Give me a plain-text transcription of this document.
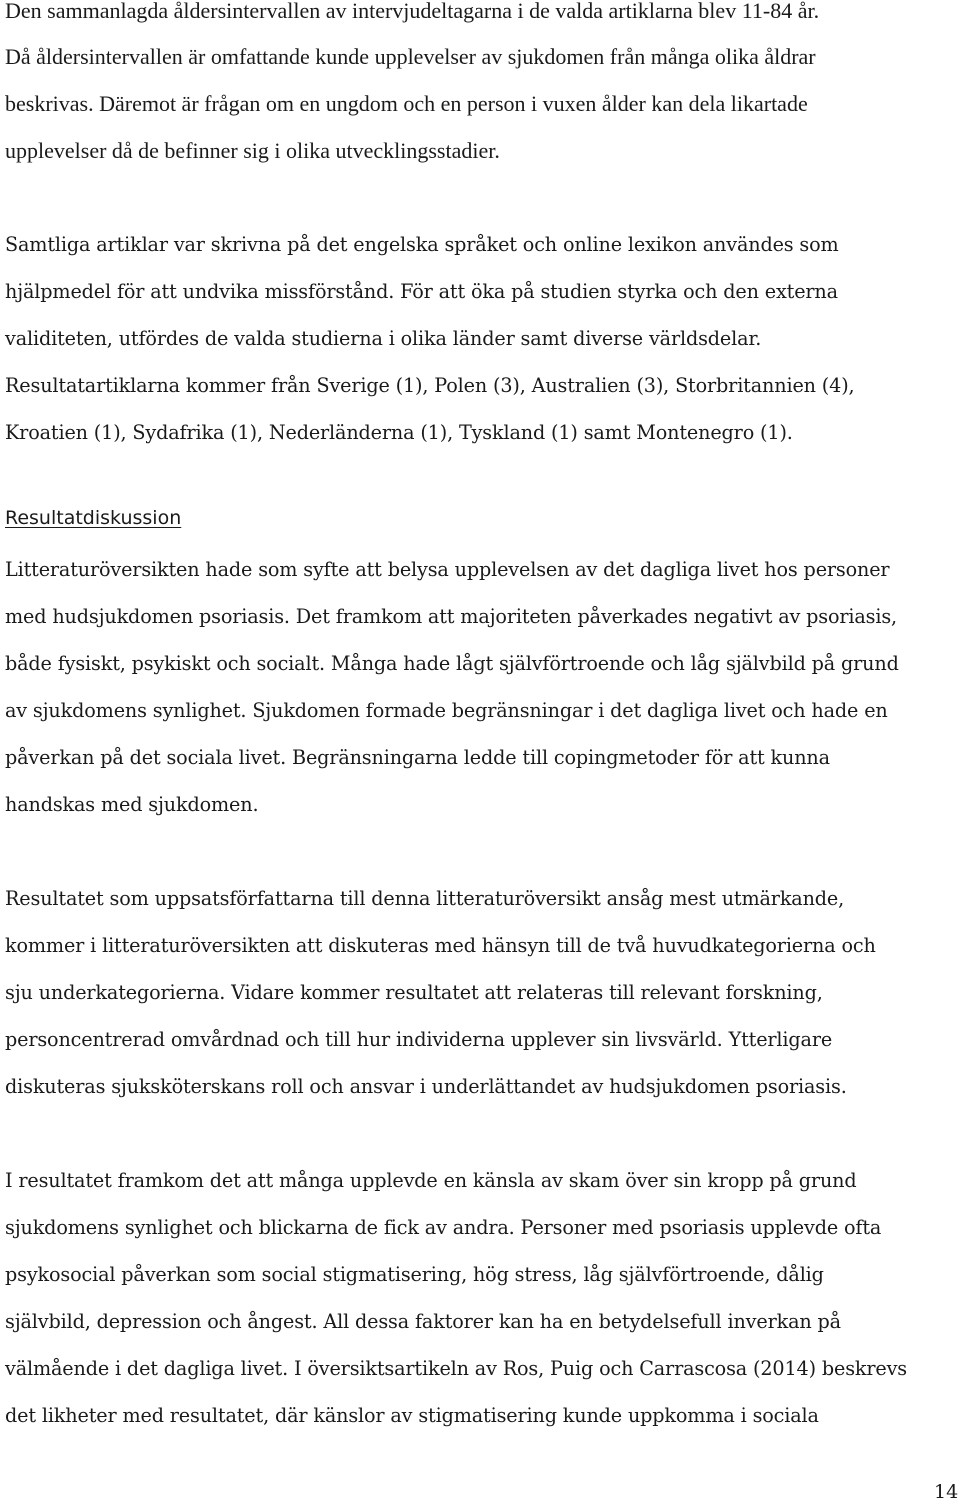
Den sammanlagda åldersintervallen av intervjudeltagarna i de valda artiklarna blev 11-84 år.
Då åldersintervallen är omfattande kunde upplevelser av sjukdomen från många olika åldrar
beskrivas. Däremot är frågan om en ungdom och en person i vuxen ålder kan dela likartade
upplevelser då de befinner sig i olika utvecklingsstadier.
Samtliga artiklar var skrivna på det engelska språket och online lexikon användes som
hjälpmedel för att undvika missförstånd. För att öka på studien styrka och den externa
validiteten, utfördes de valda studierna i olika länder samt diverse världsdelar.
Resultatartiklarna kommer från Sverige (1), Polen (3), Australien (3), Storbritannien (4),
Kroatien (1), Sydafrika (1), Nederländerna (1), Tyskland (1) samt Montenegro (1).
Resultatdiskussion
Litteraturöversikten hade som syfte att belysa upplevelsen av det dagliga livet hos personer
med hudsjukdomen psoriasis. Det framkom att majoriteten påverkades negativt av psoriasis,
både fysiskt, psykiskt och socialt. Många hade lågt självförtroende och låg självbild på grund
av sjukdomens synlighet. Sjukdomen formade begränsningar i det dagliga livet och hade en
påverkan på det sociala livet. Begränsningarna ledde till copingmetoder för att kunna
handskas med sjukdomen.
Resultatet som uppsatsförfattarna till denna litteraturöversikt ansåg mest utmärkande,
kommer i litteraturöversikten att diskuteras med hänsyn till de två huvudkategorierna och
sju underkategorierna. Vidare kommer resultatet att relateras till relevant forskning,
personcentrerad omvårdnad och till hur individerna upplever sin livsvärld. Ytterligare
diskuteras sjuksköterskans roll och ansvar i underlättandet av hudsjukdomen psoriasis.
I resultatet framkom det att många upplevde en känsla av skam över sin kropp på grund
sjukdomens synlighet och blickarna de fick av andra. Personer med psoriasis upplevde ofta
psykosocial påverkan som social stigmatisering, hög stress, låg självförtroende, dålig
självbild, depression och ångest. All dessa faktorer kan ha en betydelsefull inverkan på
välmående i det dagliga livet. I översiktsartikeln av Ros, Puig och Carrascosa (2014) beskrevs
det likheter med resultatet, där känslor av stigmatisering kunde uppkomma i sociala
14
